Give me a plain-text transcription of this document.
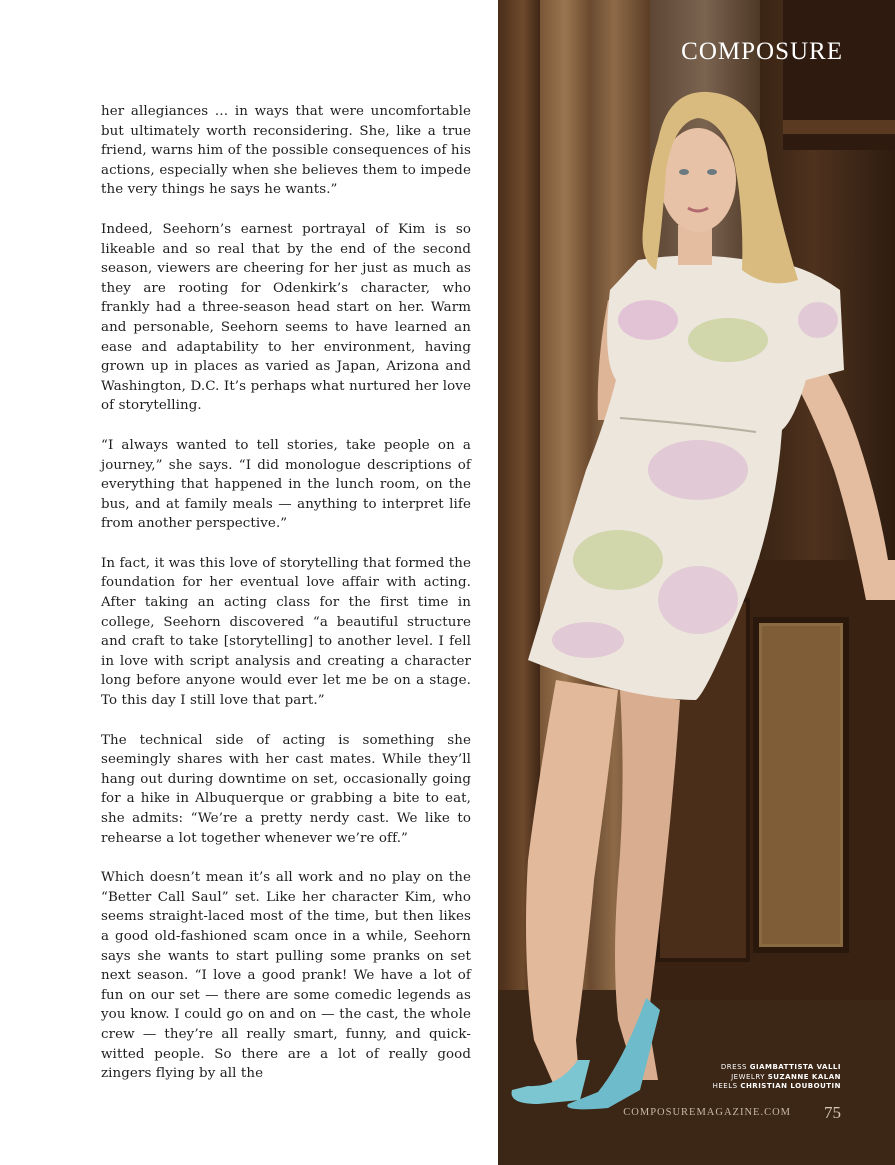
her allegiances … in ways that were uncomfortable but ultimately worth reconsidering. She, like a true friend, warns him of the possible consequences of his actions, especially when she believes them to impede the very things he says he wants.”

Indeed, Seehorn’s earnest portrayal of Kim is so likeable and so real that by the end of the second season, viewers are cheering for her just as much as they are rooting for Odenkirk’s character, who frankly had a three-season head start on her. Warm and personable, Seehorn seems to have learned an ease and adaptability to her environment, having grown up in places as varied as Japan, Arizona and Washington, D.C. It’s perhaps what nurtured her love of storytelling.

“I always wanted to tell stories, take people on a journey,” she says. “I did monologue descriptions of everything that happened in the lunch room, on the bus, and at family meals — anything to interpret life from another perspective.”

In fact, it was this love of storytelling that formed the foundation for her eventual love affair with acting. After taking an acting class for the first time in college, Seehorn discovered “a beautiful structure and craft to take [storytelling] to another level. I fell in love with script analysis and creating a character long before anyone would ever let me be on a stage. To this day I still love that part.”

The technical side of acting is something she seemingly shares with her cast mates. While they’ll hang out during downtime on set, occasionally going for a hike in Albuquerque or grabbing a bite to eat, she admits: “We’re a pretty nerdy cast. We like to rehearse a lot together whenever we’re off.”

Which doesn’t mean it’s all work and no play on the “Better Call Saul” set. Like her character Kim, who seems straight-laced most of the time, but then likes a good old-fashioned scam once in a while, Seehorn says she wants to start pulling some pranks on set next season. “I love a good prank! We have a lot of fun on our set — there are some comedic legends as you know. I could go on and on — the cast, the whole crew — they’re all really smart, funny, and quick-witted people. So there are a lot of really good zingers flying by all the

COMPOSURE
DRESS GIAMBATTISTA VALLI
JEWELRY SUZANNE KALAN
HEELS CHRISTIAN LOUBOUTIN
COMPOSUREMAGAZINE.COM 75
